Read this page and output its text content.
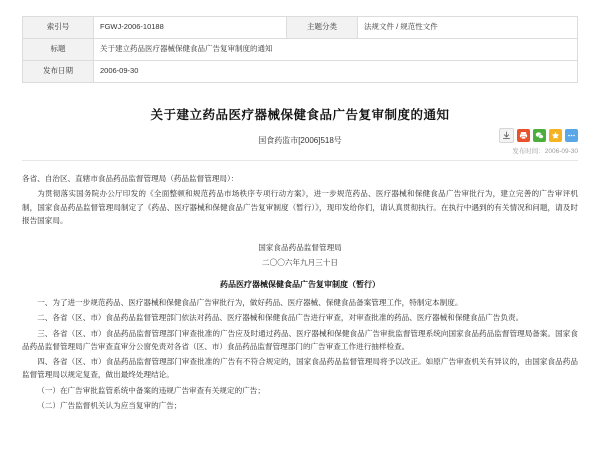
索引号	FGWJ-2006-10188	主题分类	法规文件 / 规范性文件
标题	关于建立药品医疗器械保健食品广告复审制度的通知		
发布日期	2006-09-30		
关于建立药品医疗器械保健食品广告复审制度的通知
国食药监市[2006]518号
发布时间：2006-09-30

各省、自治区、直辖市食品药品监督管理局（药品监督管理局）：

为贯彻落实国务院办公厅印发的《全面整顿和规范药品市场秩序专项行动方案》，进一步规范药品、医疗器械和保健食品广告审批行为，建立完善的广告审评机制，国家食品药品监督管理局制定了《药品、医疗器械和保健食品广告复审制度（暂行）》，现印发给你们，请认真贯彻执行。在执行中遇到的有关情况和问题，请及时报告国家局。

国家食品药品监督管理局

二〇〇六年九月三十日

药品医疗器械保健食品广告复审制度（暂行）

一、为了进一步规范药品、医疗器械和保健食品广告审批行为，做好药品、医疗器械、保健食品备案管理工作，特制定本制度。

二、各省（区、市）食品药品监督管理部门依法对药品、医疗器械和保健食品广告进行审查，对审查批准的药品、医疗器械和保健食品广告负责。

三、各省（区、市）食品药品监督管理部门审查批准的广告应及时通过药品、医疗器械和保健食品广告审批监督管理系统向国家食品药品监督管理局备案。国家食品药品监督管理局广告审查直审分公窗免责对各省（区、市）食品药品监督管理部门的广告审查工作进行抽样检查。

四、各省（区、市）食品药品监督管理部门审查批准的广告有不符合规定的，国家食品药品监督管理局将予以改正。如原广告审查机关有异议的，由国家食品药品监督管理局以规定复查，做出最终处理结论。

（一）在广告审批监管系统中备案的违规广告审查有关规定的广告；

（二）广告监督机关认为应当复审的广告；
